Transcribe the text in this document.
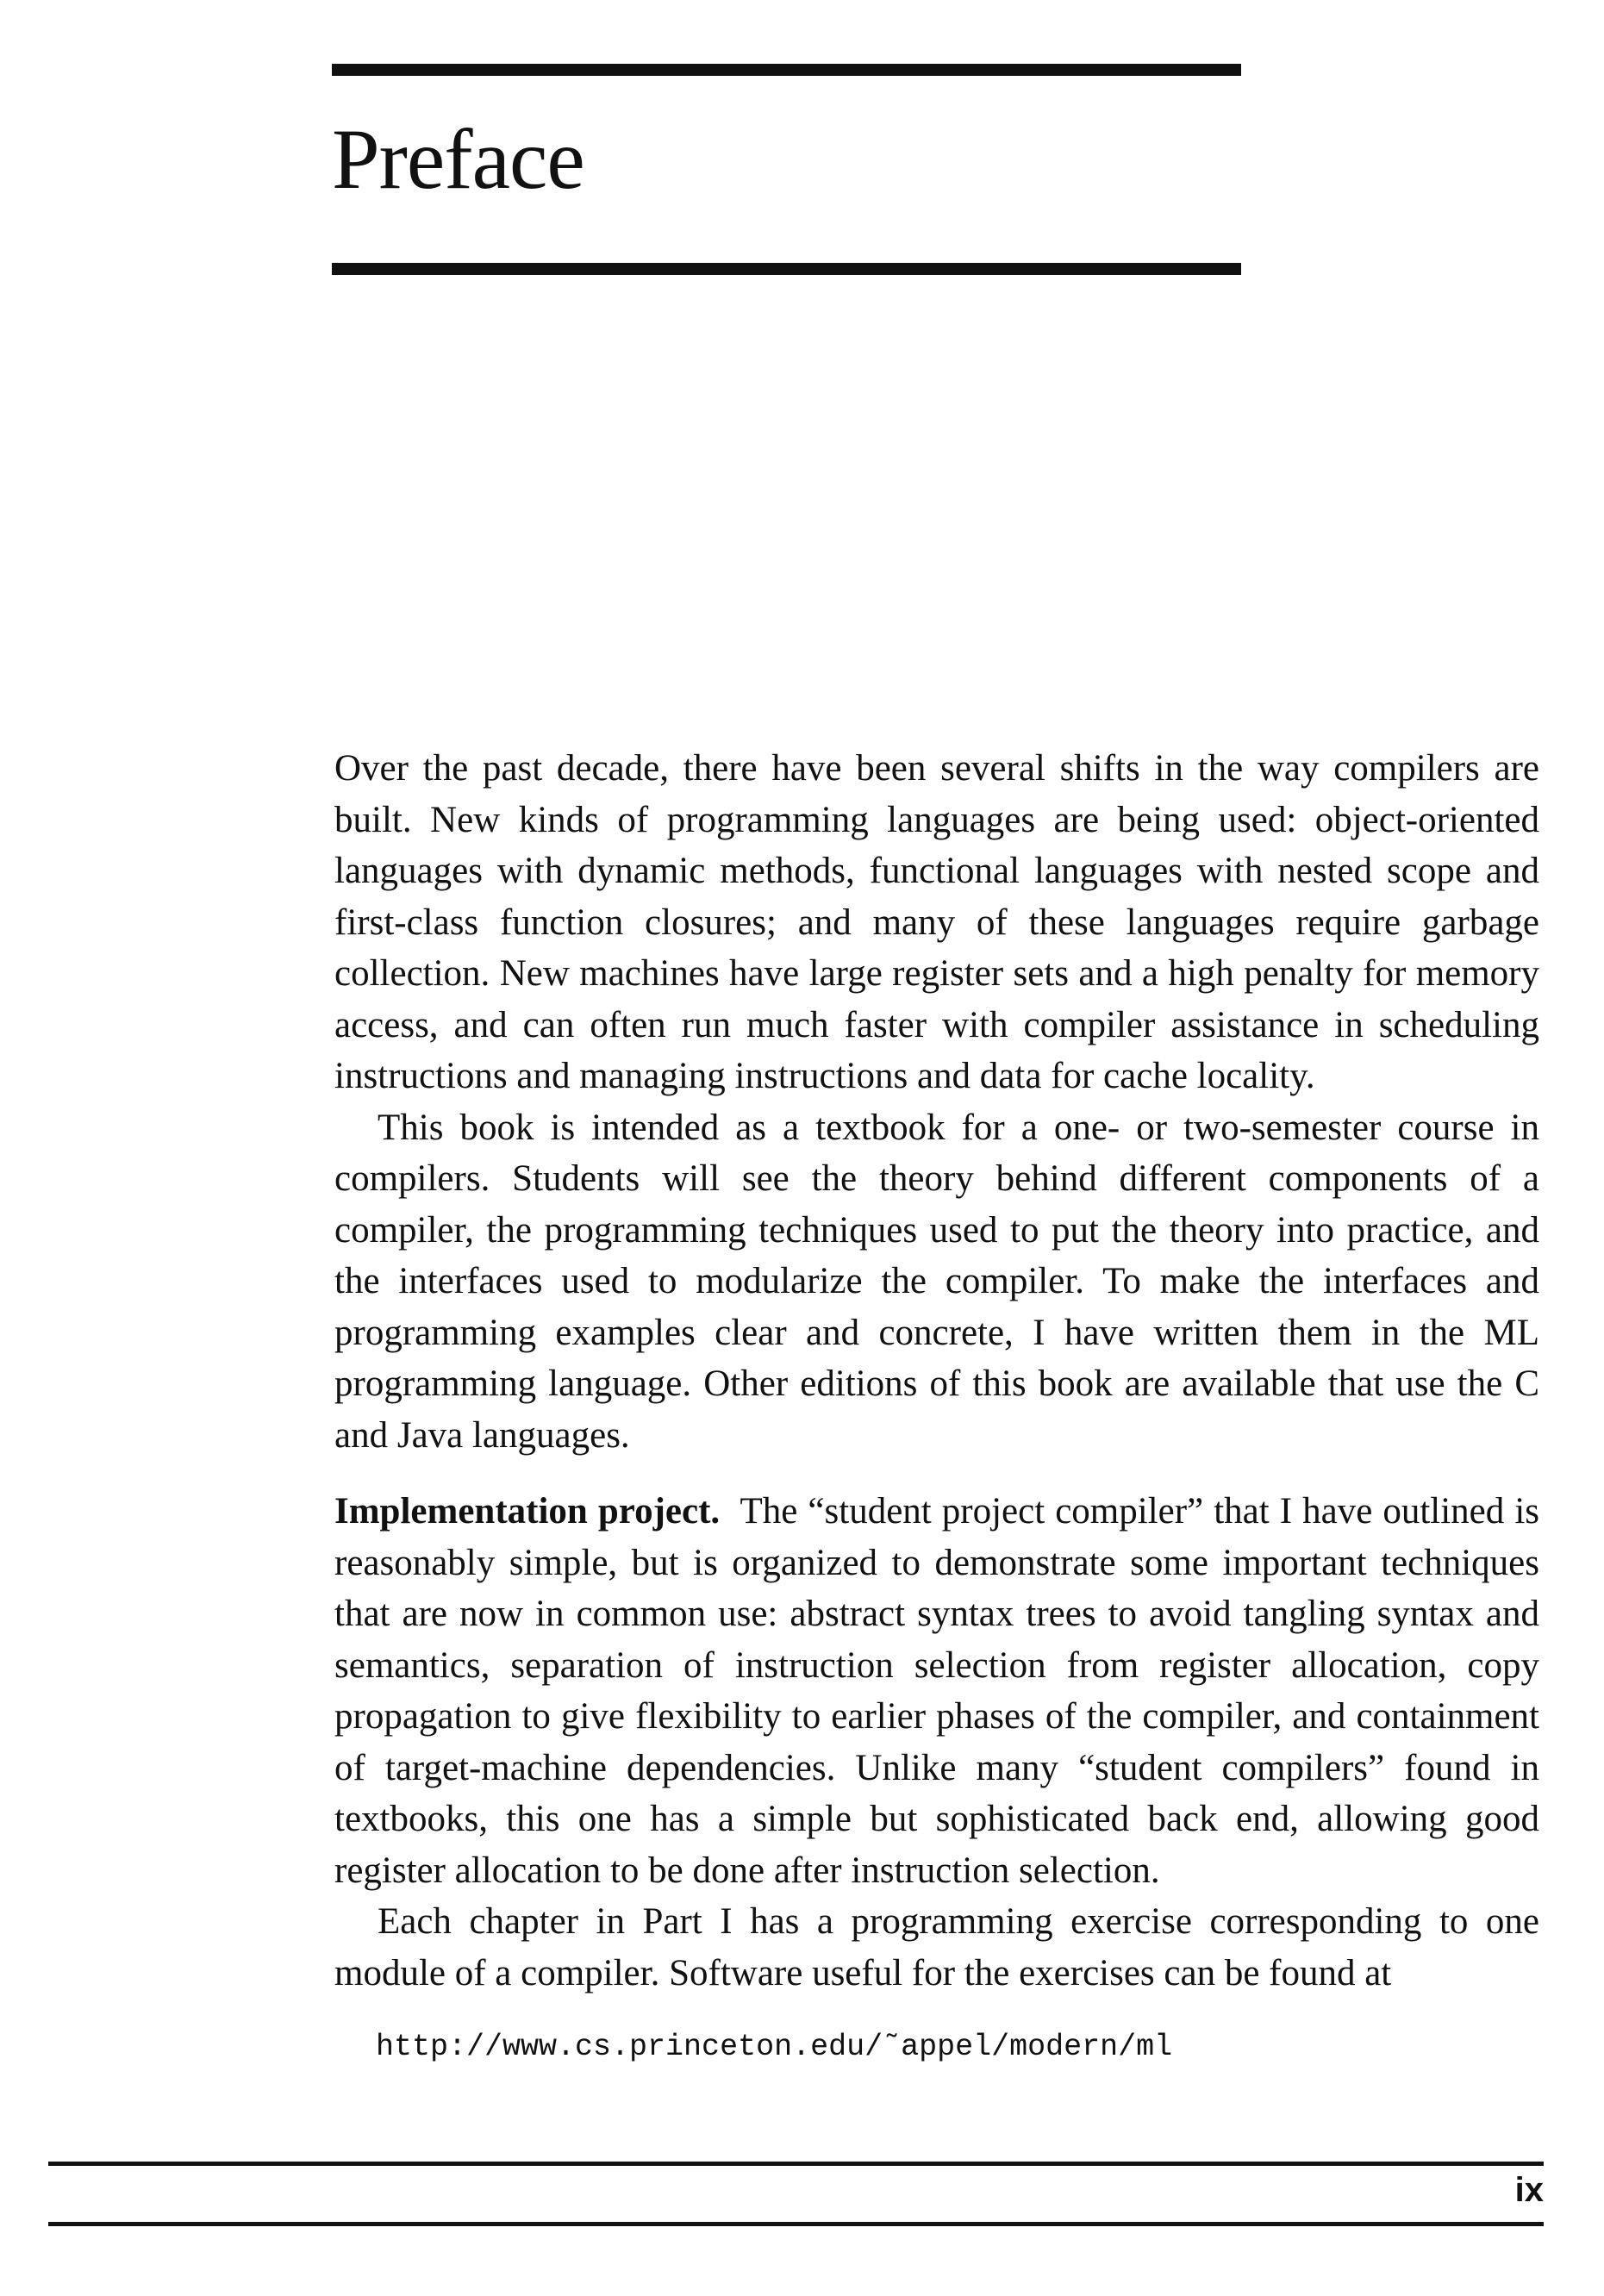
Preface

Over the past decade, there have been several shifts in the way compilers are built. New kinds of programming languages are being used: object-oriented languages with dynamic methods, functional languages with nested scope and first-class function closures; and many of these languages require garbage collection. New machines have large register sets and a high penalty for memory access, and can often run much faster with compiler assistance in scheduling instructions and managing instructions and data for cache locality.

This book is intended as a textbook for a one- or two-semester course in compilers. Students will see the theory behind different components of a compiler, the programming techniques used to put the theory into practice, and the interfaces used to modularize the compiler. To make the interfaces and programming examples clear and concrete, I have written them in the ML programming language. Other editions of this book are available that use the C and Java languages.

Implementation project. The “student project compiler” that I have outlined is reasonably simple, but is organized to demonstrate some important techniques that are now in common use: abstract syntax trees to avoid tangling syntax and semantics, separation of instruction selection from register allocation, copy propagation to give flexibility to earlier phases of the compiler, and containment of target-machine dependencies. Unlike many “student compilers” found in textbooks, this one has a simple but sophisticated back end, allowing good register allocation to be done after instruction selection.

Each chapter in Part I has a programming exercise corresponding to one module of a compiler. Software useful for the exercises can be found at

http://www.cs.princeton.edu/˜appel/modern/ml

ix
